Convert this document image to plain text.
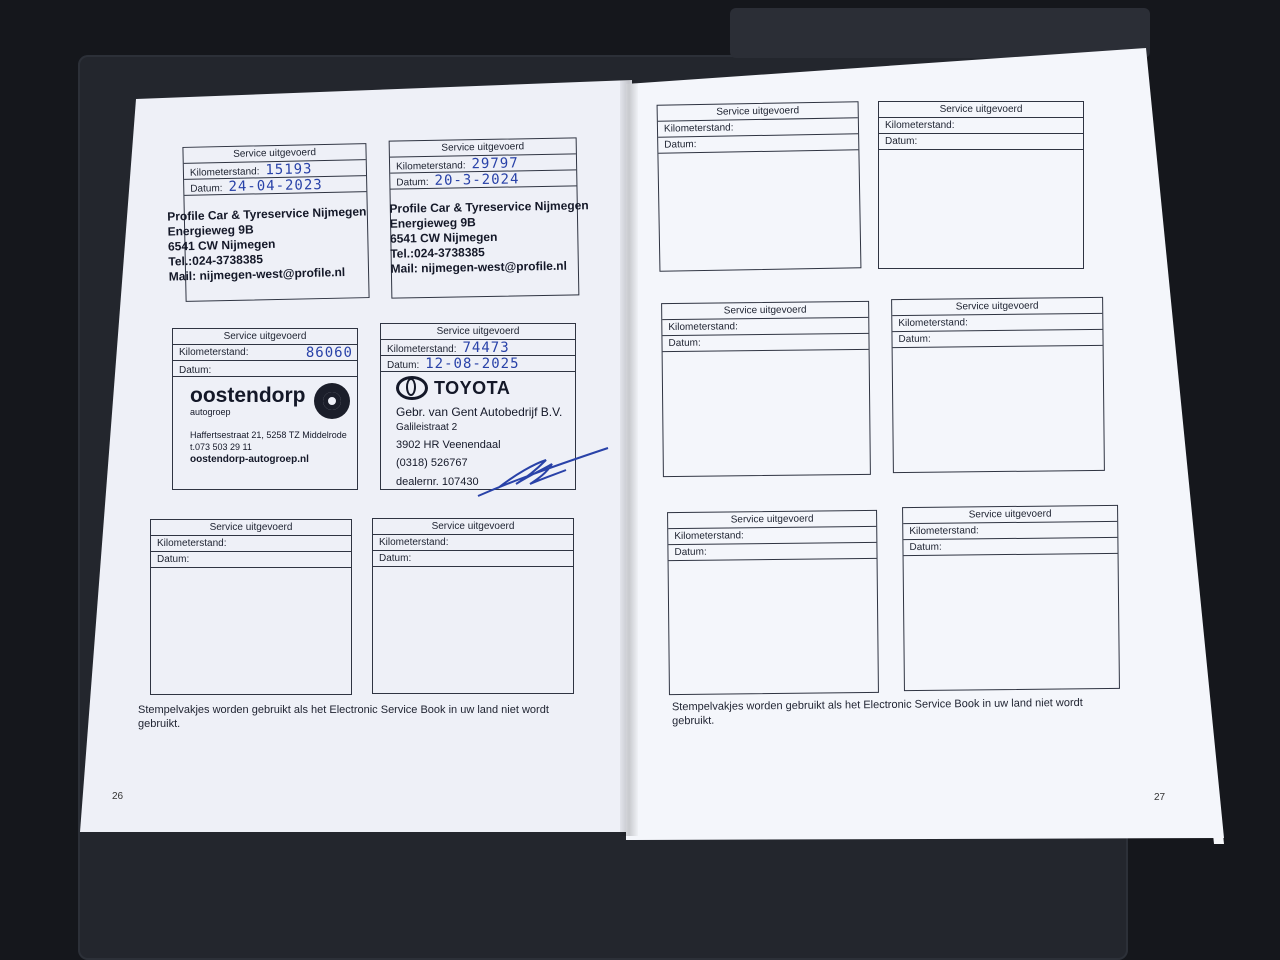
Service uitgevoerd
Kilometerstand: 15193
Datum: 24-04-2023
Profile Car & Tyreservice Nijmegen
Energieweg 9B
6541 CW Nijmegen
Tel.:024-3738385
Mail: nijmegen-west@profile.nl
Service uitgevoerd
Kilometerstand: 29797
Datum: 20-3-2024
Profile Car & Tyreservice Nijmegen
Energieweg 9B
6541 CW Nijmegen
Tel.:024-3738385
Mail: nijmegen-west@profile.nl
Service uitgevoerd
Kilometerstand:	86060
Datum:
oostendorp
autogroep
Haffertsestraat 21, 5258 TZ Middelrode
t.073 503 29 11
oostendorp-autogroep.nl
Service uitgevoerd
Kilometerstand: 74473
Datum: 12-08-2025
TOYOTA
Gebr. van Gent Autobedrijf B.V.
Galileistraat 2
3902 HR Veenendaal
(0318) 526767
dealernr. 107430
Service uitgevoerd
Kilometerstand:
Datum:
Service uitgevoerd
Kilometerstand:
Datum:
Stempelvakjes worden gebruikt als het Electronic Service Book in uw land niet wordt gebruikt.
26
Service uitgevoerd
Kilometerstand:
Datum:
Service uitgevoerd
Kilometerstand:
Datum:
Service uitgevoerd
Kilometerstand:
Datum:
Service uitgevoerd
Kilometerstand:
Datum:
Service uitgevoerd
Kilometerstand:
Datum:
Service uitgevoerd
Kilometerstand:
Datum:
Stempelvakjes worden gebruikt als het Electronic Service Book in uw land niet wordt gebruikt.
27
